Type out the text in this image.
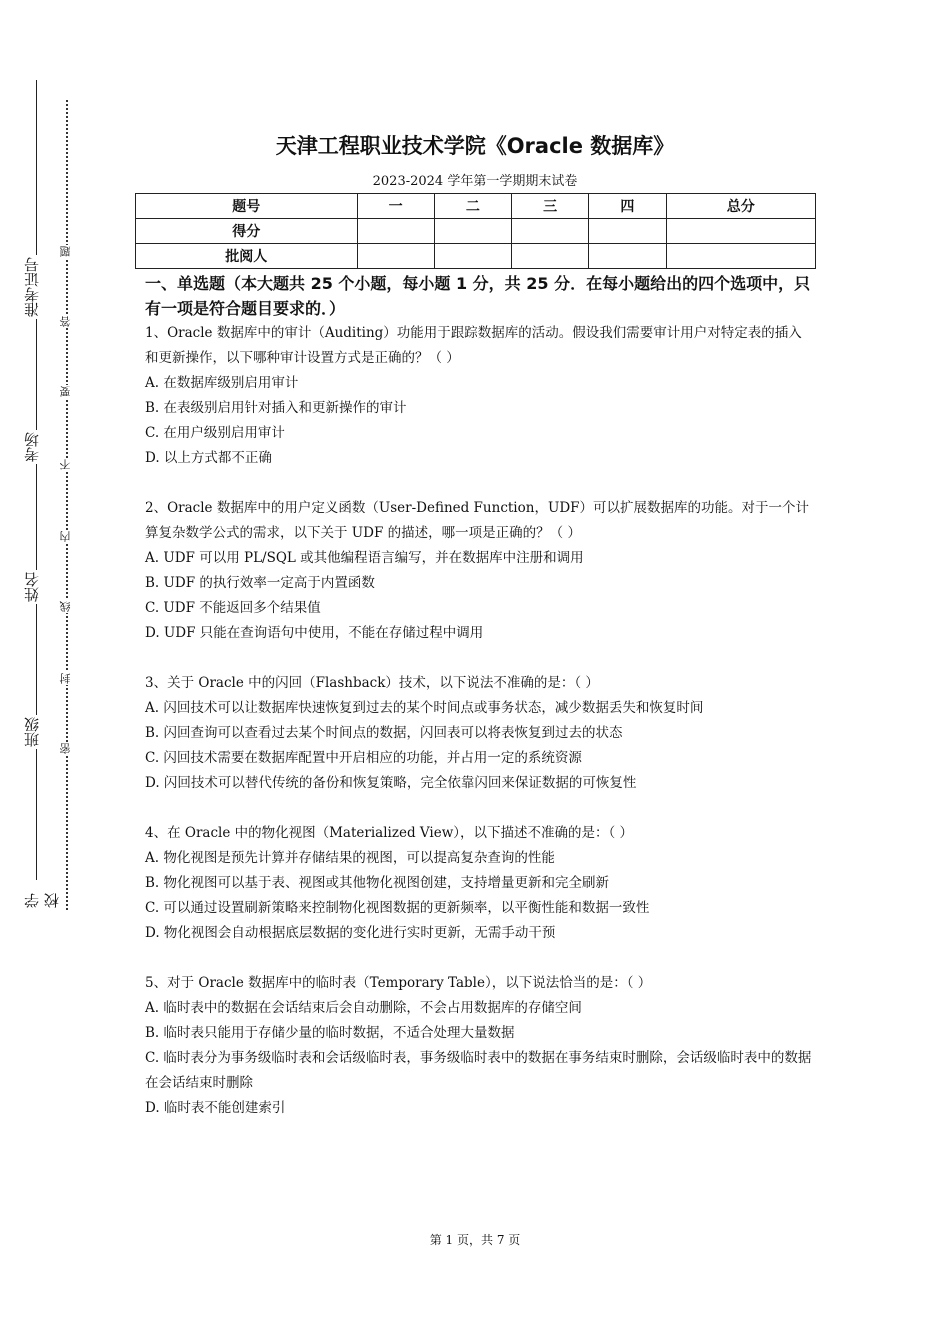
准考证号
考场
姓名
班级
学校
题
答
要
不
内
线
封
密
天津工程职业技术学院《Oracle 数据库》
2023-2024 学年第一学期期末试卷
题号	一	二	三	四	总分
得分					
批阅人					
一、单选题（本大题共 25 个小题，每小题 1 分，共 25 分．在每小题给出的四个选项中，只有一项是符合题目要求的．）

1、Oracle 数据库中的审计（Auditing）功能用于跟踪数据库的活动。假设我们需要审计用户对特定表的插入和更新操作，以下哪种审计设置方式是正确的？（ ）

A. 在数据库级别启用审计

B. 在表级别启用针对插入和更新操作的审计

C. 在用户级别启用审计

D. 以上方式都不正确

2、Oracle 数据库中的用户定义函数（User-Defined Function，UDF）可以扩展数据库的功能。对于一个计算复杂数学公式的需求，以下关于 UDF 的描述，哪一项是正确的？（ ）

A. UDF 可以用 PL/SQL 或其他编程语言编写，并在数据库中注册和调用

B. UDF 的执行效率一定高于内置函数

C. UDF 不能返回多个结果值

D. UDF 只能在查询语句中使用，不能在存储过程中调用

3、关于 Oracle 中的闪回（Flashback）技术，以下说法不准确的是：（ ）

A. 闪回技术可以让数据库快速恢复到过去的某个时间点或事务状态，减少数据丢失和恢复时间

B. 闪回查询可以查看过去某个时间点的数据，闪回表可以将表恢复到过去的状态

C. 闪回技术需要在数据库配置中开启相应的功能，并占用一定的系统资源

D. 闪回技术可以替代传统的备份和恢复策略，完全依靠闪回来保证数据的可恢复性

4、在 Oracle 中的物化视图（Materialized View），以下描述不准确的是：（ ）

A. 物化视图是预先计算并存储结果的视图，可以提高复杂查询的性能

B. 物化视图可以基于表、视图或其他物化视图创建，支持增量更新和完全刷新

C. 可以通过设置刷新策略来控制物化视图数据的更新频率，以平衡性能和数据一致性

D. 物化视图会自动根据底层数据的变化进行实时更新，无需手动干预

5、对于 Oracle 数据库中的临时表（Temporary Table），以下说法恰当的是：（ ）

A. 临时表中的数据在会话结束后会自动删除，不会占用数据库的存储空间

B. 临时表只能用于存储少量的临时数据，不适合处理大量数据

C. 临时表分为事务级临时表和会话级临时表，事务级临时表中的数据在事务结束时删除，会话级临时表中的数据在会话结束时删除

D. 临时表不能创建索引

第 1 页，共 7 页
